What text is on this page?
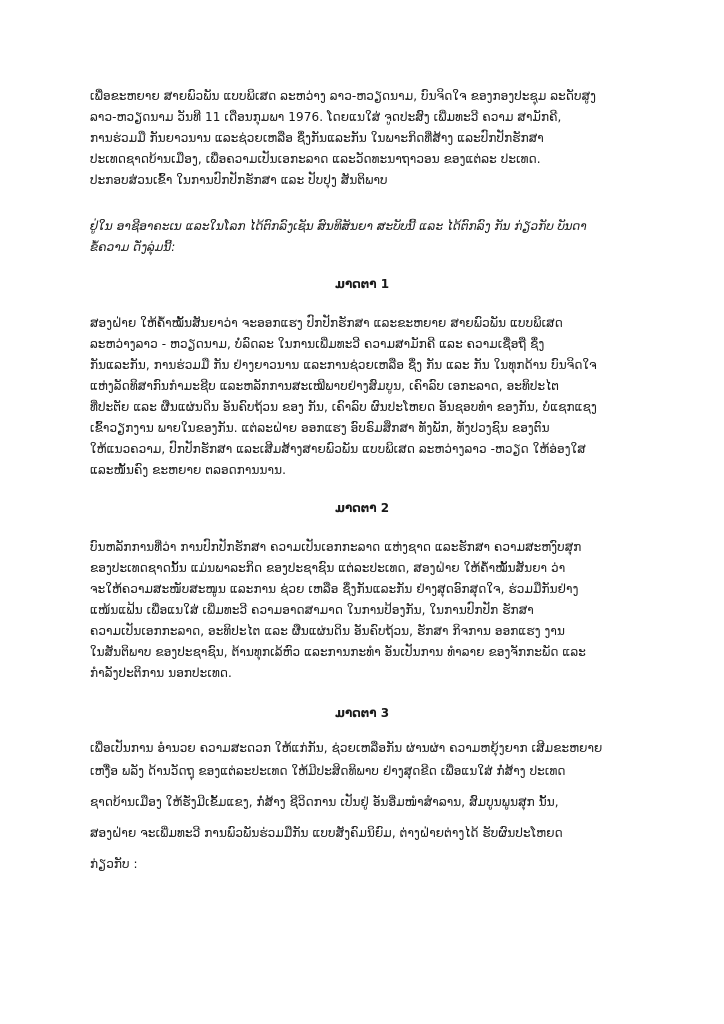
ເພື່ອຂະຫຍາຍ ສາຍພົວພັນ ແບບພິເສດ ລະຫວ່າງ ລາວ-ຫວຽດນາມ, ບົນຈິດໃຈ ຂອງກອງປະຊຸມ ລະດັບສູງ
ລາວ-ຫວຽດນາມ ວັນທີ 11 ເດືອນກຸມພາ 1976. ໂດຍແນໃສ່ ຈູດປະສົງ ເພີ່ມທະວີ ຄວາມ ສາມັກຄີ,
ການຮ່ວມມື ກັນຍາວນານ ແລະຊ່ວຍເຫລືອ ຊຶ່ງກັນແລະກັນ ໃນພາະກິດທີ່ສ້າງ ແລະປົກປັກຮັກສາ
ປະເທດຊາດບ້ານເມືອງ, ເພື່ອຄວາມເປັນເອກະລາດ ແລະວັດທະນາຖາວອນ ຂອງແຕ່ລະ ປະເທດ.
ປະກອບສ່ວນເຂົ້າ ໃນການປົກປັກຮັກສາ ແລະ ປັບປຸງ ສັນຕິພາບ
ຢູ່ໃນ ອາຊີອາຄະເນ ແລະໃນໂລກ ໄດ້ຕົກລົງເຊັນ ສົນທິສັນຍາ ສະບັບນີ້ ແລະ ໄດ້ຕົກລົງ ກັນ ກ່ຽວກັບ ບັນດາ
ຂໍ້ຄວາມ ດັ່ງລຸ່ມນີ້:
ມາດຕາ 1
ສອງຝ່າຍ ໃຫ້ຄ້ຳໝັ້ນສັນຍາວ່າ ຈະອອກແຮງ ປົກປັກຮັກສາ ແລະຂະຫຍາຍ ສາຍພົວພັນ ແບບພິເສດ
ລະຫວ່າງລາວ - ຫວຽດນາມ, ບໍ່ລົດລະ ໃນການເພີ່ມທະວີ ຄວາມສາມັກຄີ ແລະ ຄວາມເຊື່ອຖື ຊຶ່ງ
ກັນແລະກັນ, ການຮ່ວມມື ກັນ ຢ່າງຍາວນານ ແລະການຊ່ວຍເຫລືອ ຊຶ່ງ ກັນ ແລະ ກັນ ໃນທຸກດ້ານ ບົນຈິດໃຈ
ແຫ່ງລັດທິສາກົນກໍາມະຊີບ ແລະຫລັກການສະເໝີພາບຢ່າງສົມບູນ, ເຄົາລົບ ເອກະລາດ, ອະທິປະໄຕ
ທີ່ປະຕັຍ ແລະ ຜືນແຜ່ນດິນ ອັນຄົບຖ້ວນ ຂອງ ກັນ, ເຄົາລົບ ຜົນປະໂຫຍດ ອັນຊອບທໍາ ຂອງກັນ, ບໍ່ແຊກແຊງ
ເຂົ້າວຽກງານ ພາຍໃນຂອງກັນ. ແຕ່ລະຝ່າຍ ອອກແຮງ ອົບຣົມສຶກສາ ທັງພັກ, ທັງປວງຊົນ ຂອງຕົນ
ໃຫ້ແນວຄວາມ, ປົກປັກຮັກສາ ແລະເສີມສ້າງສາຍພົວພັນ ແບບພິເສດ ລະຫວ່າງລາວ -ຫວຽດ ໃຫ້ອ່ອງໃສ
ແລະໜັ້ນຄົງ ຂະຫຍາຍ ຕລອດການນານ.
ມາດຕາ 2
ບົນຫລັກການທີ່ວ່າ ການປົກປັກຮັກສາ ຄວາມເປັນເອກກະລາດ ແຫ່ງຊາດ ແລະຮັກສາ ຄວາມສະຫງົບສຸກ
ຂອງປະເທດຊາດນັ້ນ ແມ່ນພາລະກິດ ຂອງປະຊາຊົນ ແຕ່ລະປະເທດ, ສອງຝ່າຍ ໃຫ້ຄໍ້າໝັ້ນສັນຍາ ວ່າ
ຈະໃຫ້ຄວາມສະໜັບສະໜູນ ແລະການ ຊ່ວຍ ເຫລືອ ຊຶ່ງກັນແລະກັນ ຢ່າງສຸດອົກສຸດໃຈ, ຮ່ວມມືກັນຢ່າງ
ແໜ້ນແຟ້ນ ເພື່ອແນໃສ່ ເພີ່ມທະວີ ຄວາມອາດສາມາດ ໃນການປ້ອງກັນ, ໃນການປົກປັກ ຮັກສາ
ຄວາມເປັນເອກກະລາດ, ອະທິປະໄຕ ແລະ ຜືນແຜ່ນດິນ ອັນຄົບຖ້ວນ, ຮັກສາ ກິຈການ ອອກແຮງ ງານ
ໃນສັນຕິພາບ ຂອງປະຊາຊົນ, ຕ້ານທຸກເລ້ຫົວ ແລະການກະທໍາ ອັນເປັນການ ທໍາລາຍ ຂອງຈັກກະພັດ ແລະ
ກໍາລັງປະຕິການ ນອກປະເທດ.
ມາດຕາ 3
ເພື່ອເປັນການ ອໍານວຍ ຄວາມສະດວກ ໃຫ້ແກ່ກັນ, ຊ່ວຍເຫລືອກັນ ຜ່ານຜ່າ ຄວາມຫຍຸ້ງຍາກ ເສີມຂະຫຍາຍ
ເຫງື່ອ ພລັງ ດ້ານວັດຖຸ ຂອງແຕ່ລະປະເທດ ໃຫ້ມີປະສິດທິພາບ ຢ່າງສຸດຂີດ ເພື່ອແນໃສ່ ກໍ່ສ້າງ ປະເທດ
ຊາດບ້ານເມືອງ ໃຫ້ຮັ່ງມີເຂັ້ມແຂງ, ກໍ່ສ້າງ ຊີວິດການ ເປັນຢູ່ ອັນອີ່ມໜໍາສໍາລານ, ສົມບູນພູນສຸກ ນັ້ນ,
ສອງຝ່າຍ ຈະເພີ່ມທະວີ ການພົວພັນຮ່ວມມືກັນ ແບບສັງຄົມນິຍົມ, ຕ່າງຝ່າຍຕ່າງໄດ້ ຮັບຜົນປະໂຫຍດ
ກ່ຽວກັບ :
